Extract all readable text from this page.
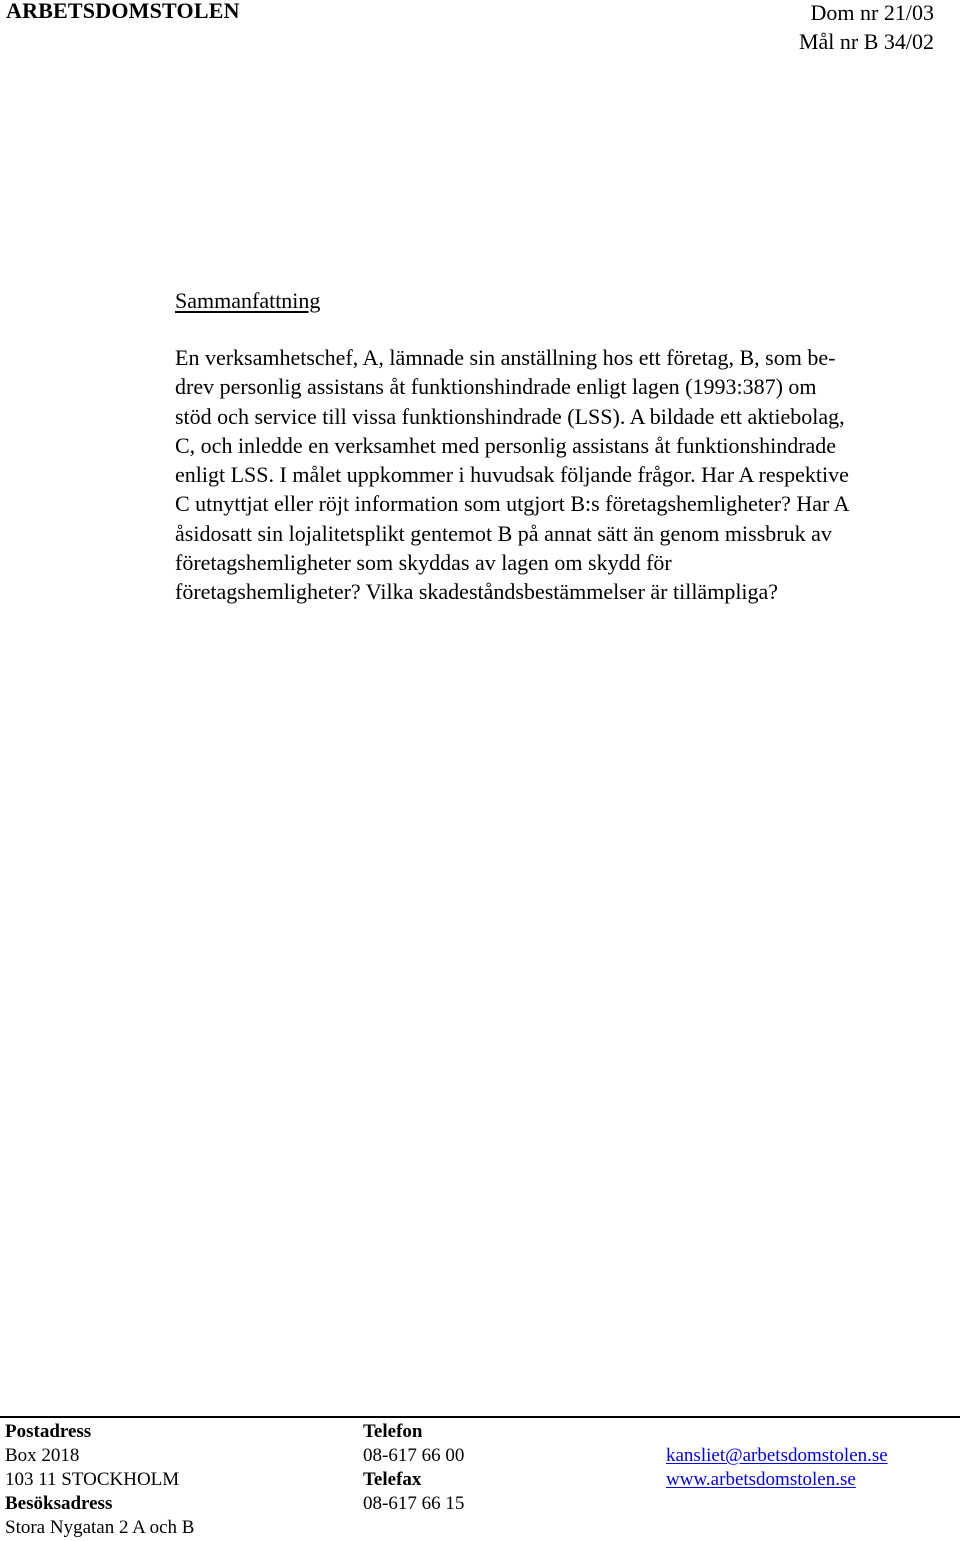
ARBETSDOMSTOLEN	Dom nr 21/03
Mål nr B 34/02
Sammanfattning
En verksamhetschef, A, lämnade sin anställning hos ett företag, B, som be-
drev personlig assistans åt funktionshindrade enligt lagen (1993:387) om
stöd och service till vissa funktionshindrade (LSS). A bildade ett aktiebolag,
C, och inledde en verksamhet med personlig assistans åt funktionshindrade
enligt LSS. I målet uppkommer i huvudsak följande frågor. Har A respektive
C utnyttjat eller röjt information som utgjort B:s företagshemligheter? Har A
åsidosatt sin lojalitetsplikt gentemot B på annat sätt än genom missbruk av
företagshemligheter som skyddas av lagen om skydd för
företagshemligheter? Vilka skadeståndsbestämmelser är tillämpliga?
Postadress
Box 2018
103 11 STOCKHOLM
Besöksadress
Stora Nygatan 2 A och B
Telefon
08-617 66 00
Telefax
08-617 66 15
kansliet@arbetsdomstolen.se
www.arbetsdomstolen.se
